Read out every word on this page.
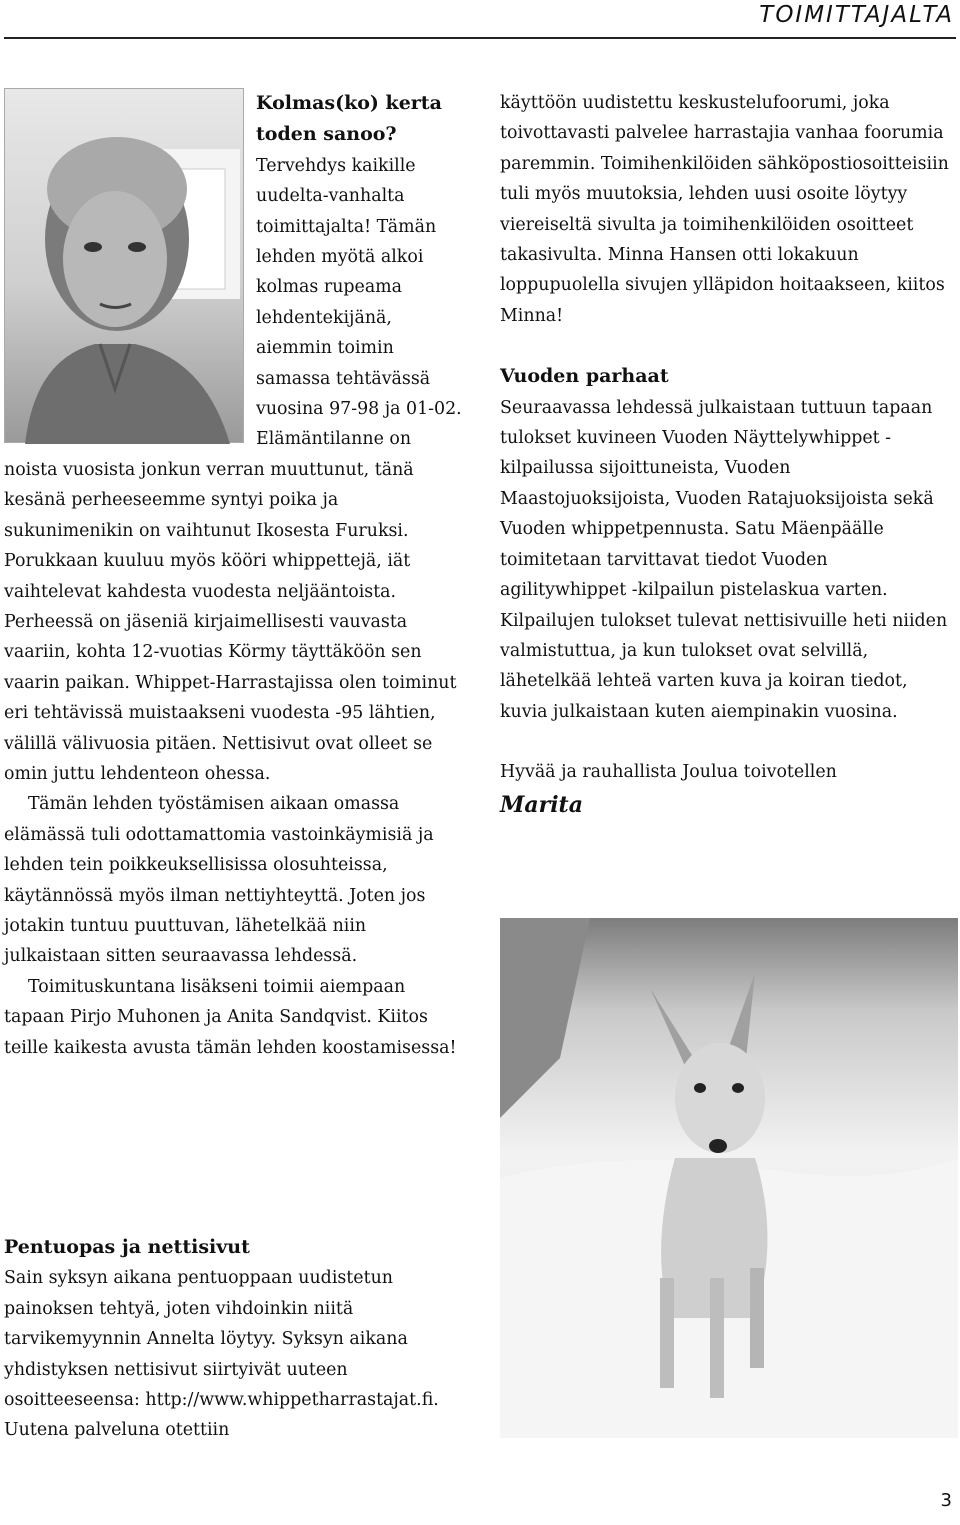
TOIMITTAJALTA

Kolmas(ko) kerta toden sanoo?

Tervehdys kaikille uudelta-vanhalta toimittajalta! Tämän lehden myötä alkoi kolmas rupeama lehdentekijänä, aiemmin toimin samassa tehtävässä vuosina 97-98 ja 01-02. Elämäntilanne on noista vuosista jonkun verran muuttunut, tänä kesänä perheeseemme syntyi poika ja sukunimenikin on vaihtunut Ikosesta Furuksi. Porukkaan kuuluu myös kööri whippettejä, iät vaihtelevat kahdesta vuodesta neljääntoista. Perheessä on jäseniä kirjaimellisesti vauvasta vaariin, kohta 12-vuotias Körmy täyttäköön sen vaarin paikan. Whippet-Harrastajissa olen toiminut eri tehtävissä muistaakseni vuodesta -95 lähtien, välillä välivuosia pitäen. Nettisivut ovat olleet se omin juttu lehdenteon ohessa.

Tämän lehden työstämisen aikaan omassa elämässä tuli odottamattomia vastoinkäymisiä ja lehden tein poikkeuksellisissa olosuhteissa, käytännössä myös ilman nettiyhteyttä. Joten jos jotakin tuntuu puuttuvan, lähetelkää niin julkaistaan sitten seuraavassa lehdessä.

Toimituskuntana lisäkseni toimii aiempaan tapaan Pirjo Muhonen ja Anita Sandqvist. Kiitos teille kaikesta avusta tämän lehden koostamisessa!

Pentuopas ja nettisivut

Sain syksyn aikana pentuoppaan uudistetun painoksen tehtyä, joten vihdoinkin niitä tarvikemyynnin Annelta löytyy. Syksyn aikana yhdistyksen nettisivut siirtyivät uuteen osoitteeseensa: http://www.whippetharrastajat.fi. Uutena palveluna otettiin

käyttöön uudistettu keskustelufoorumi, joka toivottavasti palvelee harrastajia vanhaa foorumia paremmin. Toimihenkilöiden sähköpostiosoitteisiin tuli myös muutoksia, lehden uusi osoite löytyy viereiseltä sivulta ja toimihenkilöiden osoitteet takasivulta. Minna Hansen otti lokakuun loppupuolella sivujen ylläpidon hoitaakseen, kiitos Minna!

Vuoden parhaat

Seuraavassa lehdessä julkaistaan tuttuun tapaan tulokset kuvineen Vuoden Näyttelywhippet -kilpailussa sijoittuneista, Vuoden Maastojuoksijoista, Vuoden Ratajuoksijoista sekä Vuoden whippetpennusta. Satu Mäenpäälle toimitetaan tarvittavat tiedot Vuoden agilitywhippet -kilpailun pistelaskua varten. Kilpailujen tulokset tulevat nettisivuille heti niiden valmistuttua, ja kun tulokset ovat selvillä, lähetelkää lehteä varten kuva ja koiran tiedot, kuvia julkaistaan kuten aiempinakin vuosina.

Hyvää ja rauhallista Joulua toivotellen

Marita
3
